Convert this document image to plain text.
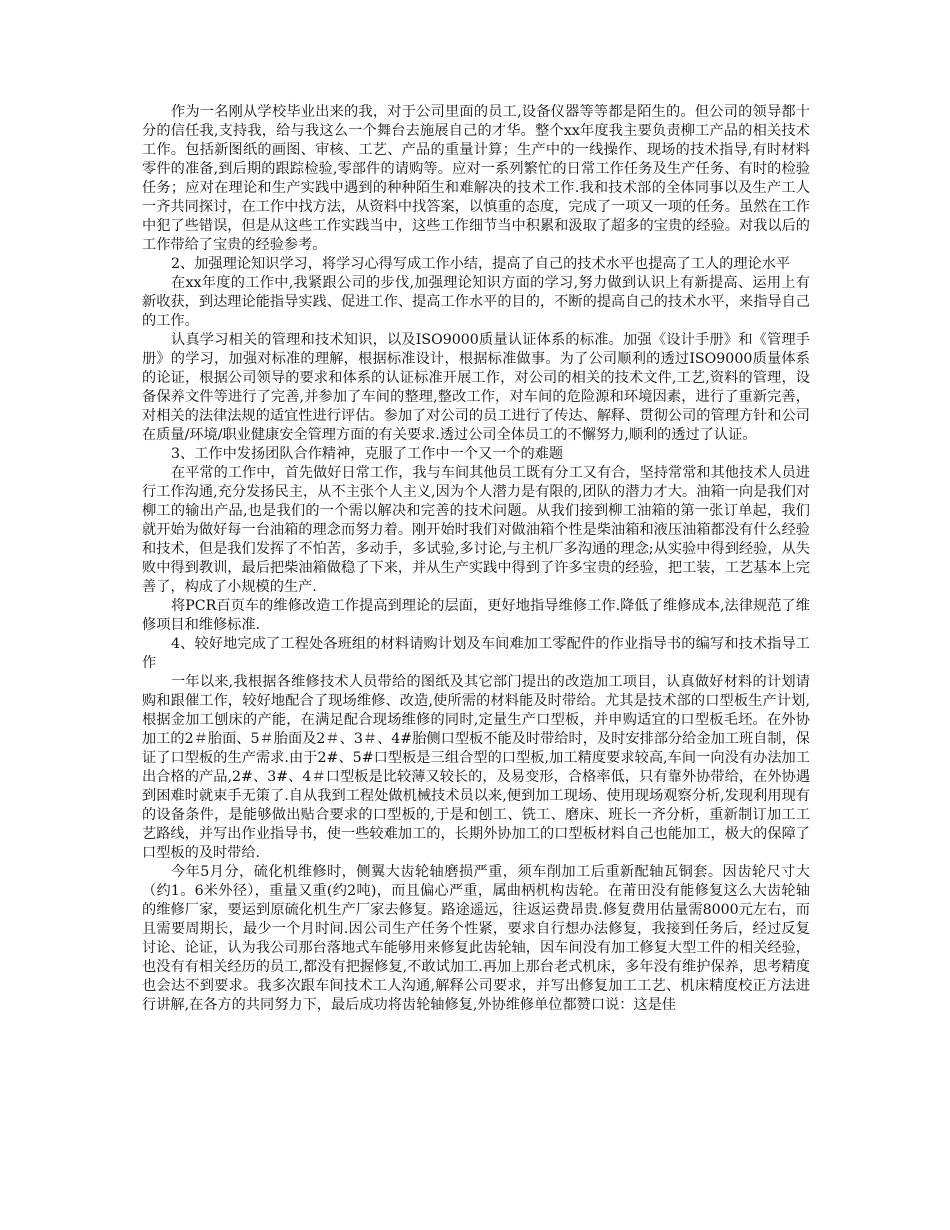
作为一名刚从学校毕业出来的我，对于公司里面的员工,设备仪器等等都是陌生的。但公司的领导都十分的信任我,支持我，给与我这么一个舞台去施展自己的才华。整个xx年度我主要负责柳工产品的相关技术工作。包括新图纸的画图、审核、工艺、产品的重量计算；生产中的一线操作、现场的技术指导,有时材料零件的准备,到后期的跟踪检验,零部件的请购等。应对一系列繁忙的日常工作任务及生产任务、有时的检验任务；应对在理论和生产实践中遇到的种种陌生和难解决的技术工作.我和技术部的全体同事以及生产工人一齐共同探讨，在工作中找方法，从资料中找答案，以慎重的态度，完成了一项又一项的任务。虽然在工作中犯了些错误，但是从这些工作实践当中，这些工作细节当中积累和汲取了超多的宝贵的经验。对我以后的工作带给了宝贵的经验参考。

2、加强理论知识学习，将学习心得写成工作小结，提高了自己的技术水平也提高了工人的理论水平

在xx年度的工作中,我紧跟公司的步伐,加强理论知识方面的学习,努力做到认识上有新提高、运用上有新收获，到达理论能指导实践、促进工作、提高工作水平的目的，不断的提高自己的技术水平，来指导自己的工作。

认真学习相关的管理和技术知识，以及ISO9000质量认证体系的标准。加强《设计手册》和《管理手册》的学习，加强对标准的理解，根据标准设计，根据标准做事。为了公司顺利的透过ISO9000质量体系的论证，根据公司领导的要求和体系的认证标准开展工作，对公司的相关的技术文件,工艺,资料的管理，设备保养文件等进行了完善,并参加了车间的整理,整改工作，对车间的危险源和环境因素，进行了重新完善，对相关的法律法规的适宜性进行评估。参加了对公司的员工进行了传达、解释、贯彻公司的管理方针和公司在质量/环境/职业健康安全管理方面的有关要求.透过公司全体员工的不懈努力,顺利的透过了认证。

3、工作中发扬团队合作精神，克服了工作中一个又一个的难题

在平常的工作中，首先做好日常工作，我与车间其他员工既有分工又有合，坚持常常和其他技术人员进行工作沟通,充分发扬民主，从不主张个人主义,因为个人潜力是有限的,团队的潜力才大。油箱一向是我们对柳工的输出产品,也是我们的一个需以解决和完善的技术问题。从我们接到柳工油箱的第一张订单起，我们就开始为做好每一台油箱的理念而努力着。刚开始时我们对做油箱个性是柴油箱和液压油箱都没有什么经验和技术，但是我们发挥了不怕苦，多动手，多试验,多讨论,与主机厂多沟通的理念;从实验中得到经验，从失败中得到教训，最后把柴油箱做稳了下来，并从生产实践中得到了许多宝贵的经验，把工装，工艺基本上完善了，构成了小规模的生产.

将PCR百页车的维修改造工作提高到理论的层面，更好地指导维修工作.降低了维修成本,法律规范了维修项目和维修标准.

4、较好地完成了工程处各班组的材料请购计划及车间难加工零配件的作业指导书的编写和技术指导工作

一年以来,我根据各维修技术人员带给的图纸及其它部门提出的改造加工项目，认真做好材料的计划请购和跟催工作，较好地配合了现场维修、改造,使所需的材料能及时带给。尤其是技术部的口型板生产计划,根据金加工刨床的产能，在满足配合现场维修的同时,定量生产口型板，并申购适宜的口型板毛坯。在外协加工的2＃胎面、5＃胎面及2＃、3＃、4#胎侧口型板不能及时带给时，及时安排部分给金加工班自制，保证了口型板的生产需求.由于2#、5#口型板是三组合型的口型板,加工精度要求较高,车间一向没有办法加工出合格的产品,2#、3#、4＃口型板是比较薄又较长的，及易变形，合格率低，只有靠外协带给，在外协遇到困难时就束手无策了.自从我到工程处做机械技术员以来,便到加工现场、使用现场观察分析,发现利用现有的设备条件，是能够做出贴合要求的口型板的,于是和刨工、铣工、磨床、班长一齐分析，重新制订加工工艺路线，并写出作业指导书，使一些较难加工的，长期外协加工的口型板材料自己也能加工，极大的保障了口型板的及时带给.

今年5月分，硫化机维修时，侧翼大齿轮轴磨损严重，须车削加工后重新配轴瓦铜套。因齿轮尺寸大（约1。6米外径），重量又重(约2吨)，而且偏心严重，属曲柄机构齿轮。在莆田没有能修复这么大齿轮轴的维修厂家，要运到原硫化机生产厂家去修复。路途遥远，往返运费昂贵.修复费用估量需8000元左右，而且需要周期长，最少一个月时间.因公司生产任务个性紧，要求自行想办法修复，我接到任务后，经过反复讨论、论证，认为我公司那台落地式车能够用来修复此齿轮轴，因车间没有加工修复大型工件的相关经验，也没有有相关经历的员工,都没有把握修复,不敢试加工.再加上那台老式机床，多年没有维护保养，思考精度也会达不到要求。我多次跟车间技术工人沟通,解释公司要求，并写出修复加工工艺、机床精度校正方法进行讲解,在各方的共同努力下，最后成功将齿轮轴修复,外协维修单位都赞口说：这是佳
